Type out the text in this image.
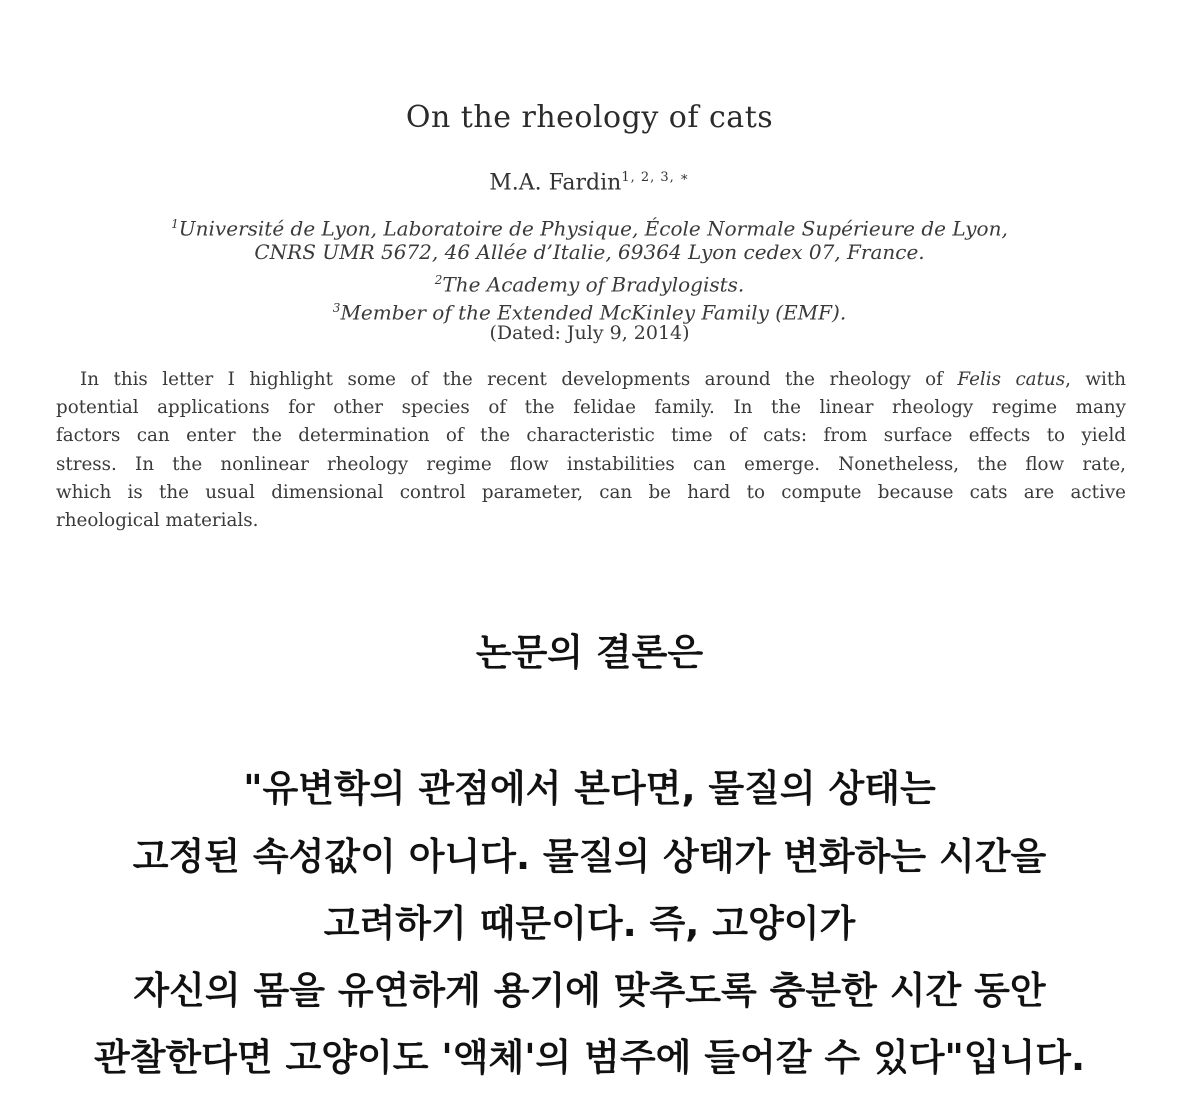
On the rheology of cats
M.A. Fardin$^{1, 2, 3, ∗}$
$^1$Université de Lyon, Laboratoire de Physique, École Normale Supérieure de Lyon,
CNRS UMR 5672, 46 Allée d’Italie, 69364 Lyon cedex 07, France.
$^2$The Academy of Bradylogists.
$^3$Member of the Extended McKinley Family (EMF).
(Dated: July 9, 2014)
In this letter I highlight some of the recent developments around the rheology of Felis catus, with
potential applications for other species of the felidae family. In the linear rheology regime many
factors can enter the determination of the characteristic time of cats: from surface effects to yield
stress. In the nonlinear rheology regime flow instabilities can emerge. Nonetheless, the flow rate,
which is the usual dimensional control parameter, can be hard to compute because cats are active
rheological materials.
논문의 결론은
"유변학의 관점에서 본다면, 물질의 상태는
고정된 속성값이 아니다. 물질의 상태가 변화하는 시간을
고려하기 때문이다. 즉, 고양이가
자신의 몸을 유연하게 용기에 맞추도록 충분한 시간 동안
관찰한다면 고양이도 '액체'의 범주에 들어갈 수 있다"입니다.
